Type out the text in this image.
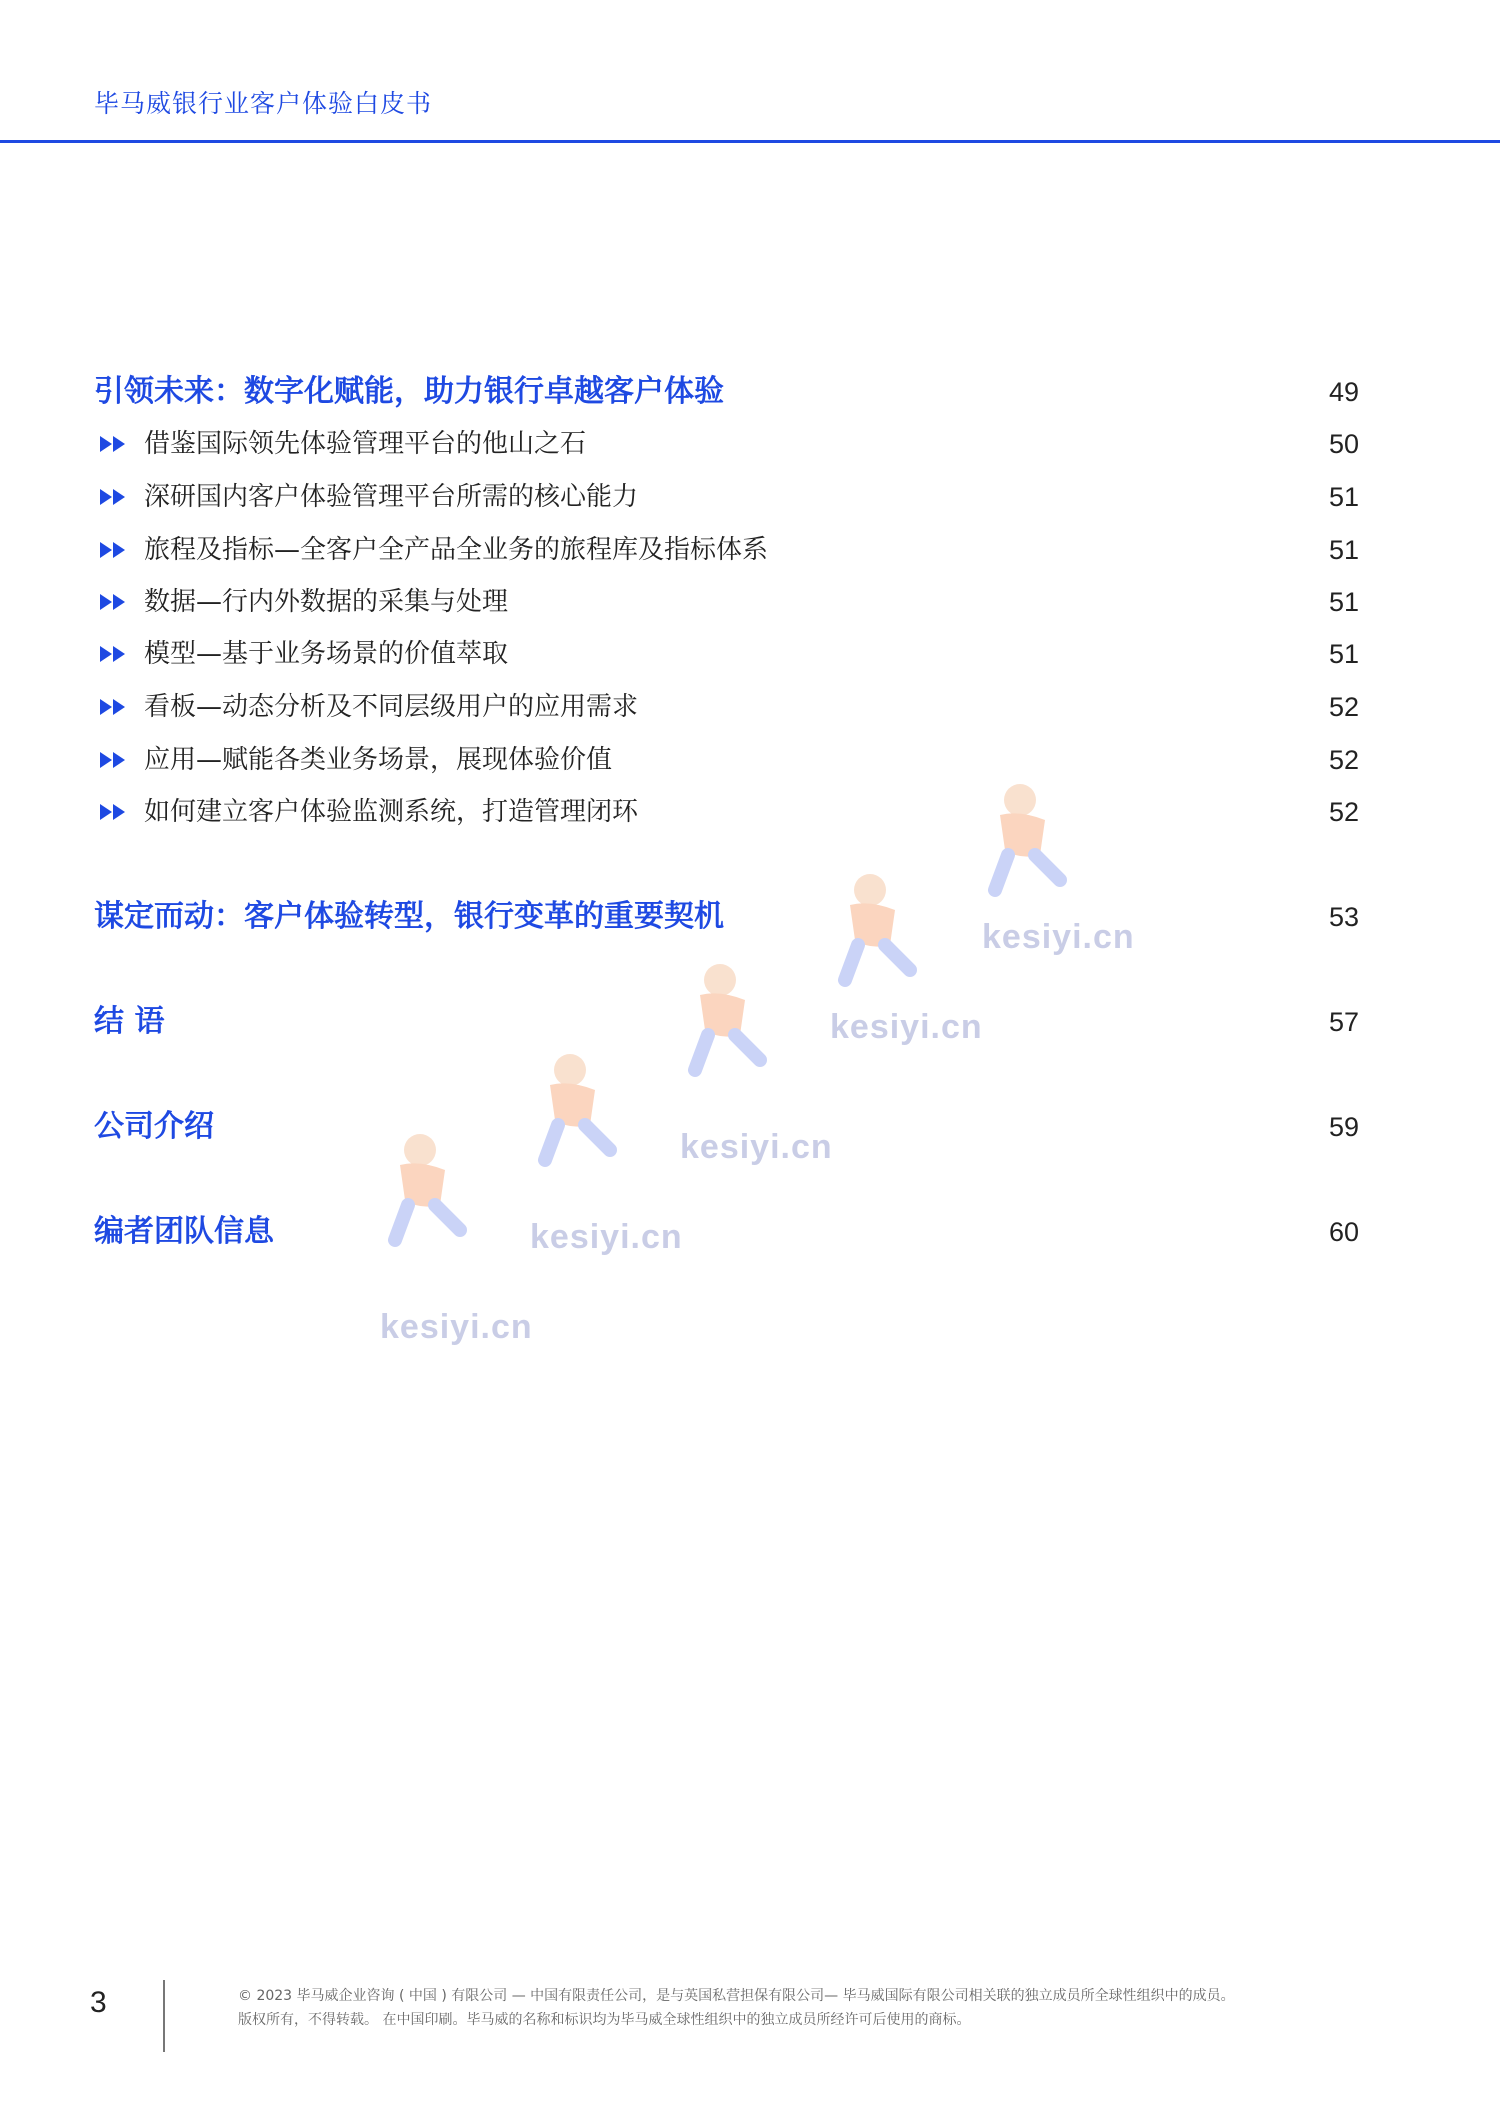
毕马威银行业客户体验白皮书
kesiyi.cn
kesiyi.cn
kesiyi.cn
kesiyi.cn
kesiyi.cn
引领未来：数字化赋能，助力银行卓越客户体验	49
借鉴国际领先体验管理平台的他山之石	50
深研国内客户体验管理平台所需的核心能力	51
旅程及指标—全客户全产品全业务的旅程库及指标体系	51
数据—行内外数据的采集与处理	51
模型—基于业务场景的价值萃取	51
看板—动态分析及不同层级用户的应用需求	52
应用—赋能各类业务场景，展现体验价值	52
如何建立客户体验监测系统，打造管理闭环	52
谋定而动：客户体验转型，银行变革的重要契机	53
结 语	57
公司介绍	59
编者团队信息	60
3	© 2023 毕马威企业咨询 ( 中国 ) 有限公司 — 中国有限责任公司，是与英国私营担保有限公司— 毕马威国际有限公司相关联的独立成员所全球性组织中的成员。
版权所有，不得转载。 在中国印刷。毕马威的名称和标识均为毕马威全球性组织中的独立成员所经许可后使用的商标。
